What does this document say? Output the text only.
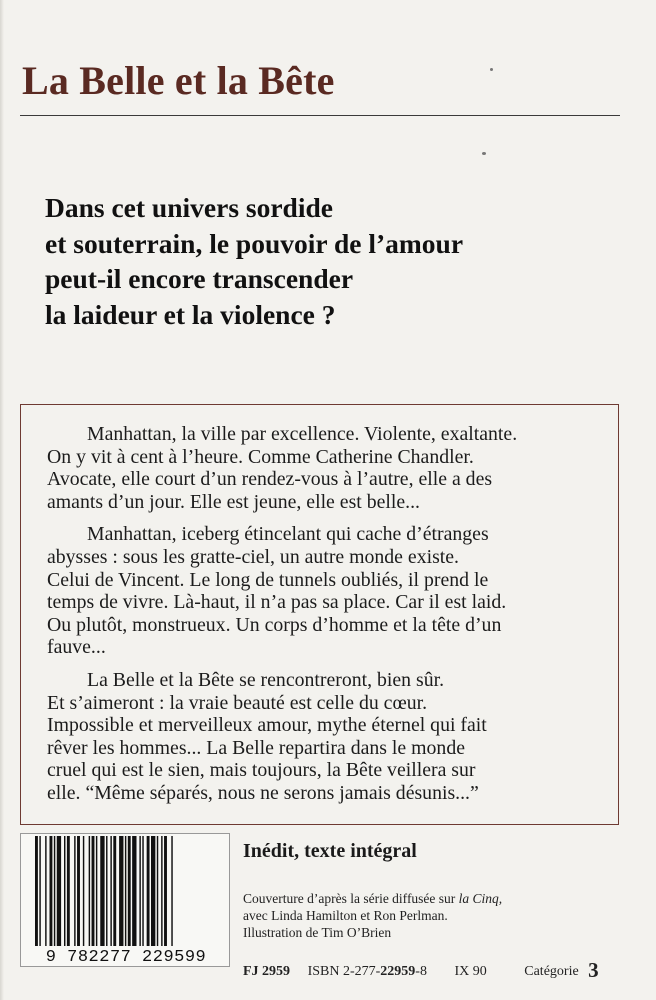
La Belle et la Bête
Dans cet univers sordide
et souterrain, le pouvoir de l’amour
peut-il encore transcender
la laideur et la violence ?

Manhattan, la ville par excellence. Violente, exaltante.
On y vit à cent à l’heure. Comme Catherine Chandler.
Avocate, elle court d’un rendez-vous à l’autre, elle a des
amants d’un jour. Elle est jeune, elle est belle...

Manhattan, iceberg étincelant qui cache d’étranges
abysses : sous les gratte-ciel, un autre monde existe.
Celui de Vincent. Le long de tunnels oubliés, il prend le
temps de vivre. Là-haut, il n’a pas sa place. Car il est laid.
Ou plutôt, monstrueux. Un corps d’homme et la tête d’un
fauve...

La Belle et la Bête se rencontreront, bien sûr.
Et s’aimeront : la vraie beauté est celle du cœur.
Impossible et merveilleux amour, mythe éternel qui fait
rêver les hommes... La Belle repartira dans le monde
cruel qui est le sien, mais toujours, la Bête veillera sur
elle. “Même séparés, nous ne serons jamais désunis...”

9 782277 229599
Inédit, texte intégral
Couverture d’après la série diffusée sur la Cinq,
avec Linda Hamilton et Ron Perlman.
Illustration de Tim O’Brien
FJ 2959 ISBN 2-277-22959-8 IX 90	Catégorie 3
